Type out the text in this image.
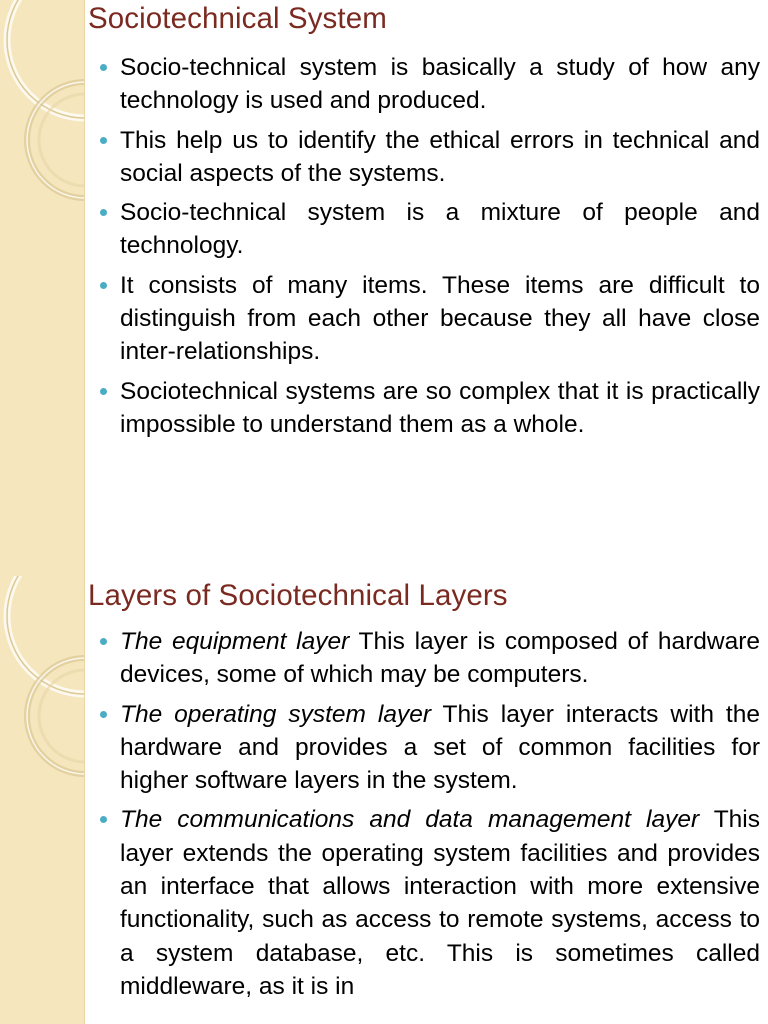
Sociotechnical System
Socio-technical system is basically a study of how any technology is used and produced.
This help us to identify the ethical errors in technical and social aspects of the systems.
Socio-technical system is a mixture of people and technology.
It consists of many items. These items are difficult to distinguish from each other because they all have close inter-relationships.
Sociotechnical systems are so complex that it is practically impossible to understand them as a whole.
Layers of Sociotechnical Layers
The equipment layer This layer is composed of hardware devices, some of which may be computers.
The operating system layer This layer interacts with the hardware and provides a set of common facilities for higher software layers in the system.
The communications and data management layer This layer extends the operating system facilities and provides an interface that allows interaction with more extensive functionality, such as access to remote systems, access to a system database, etc. This is sometimes called middleware, as it is in
